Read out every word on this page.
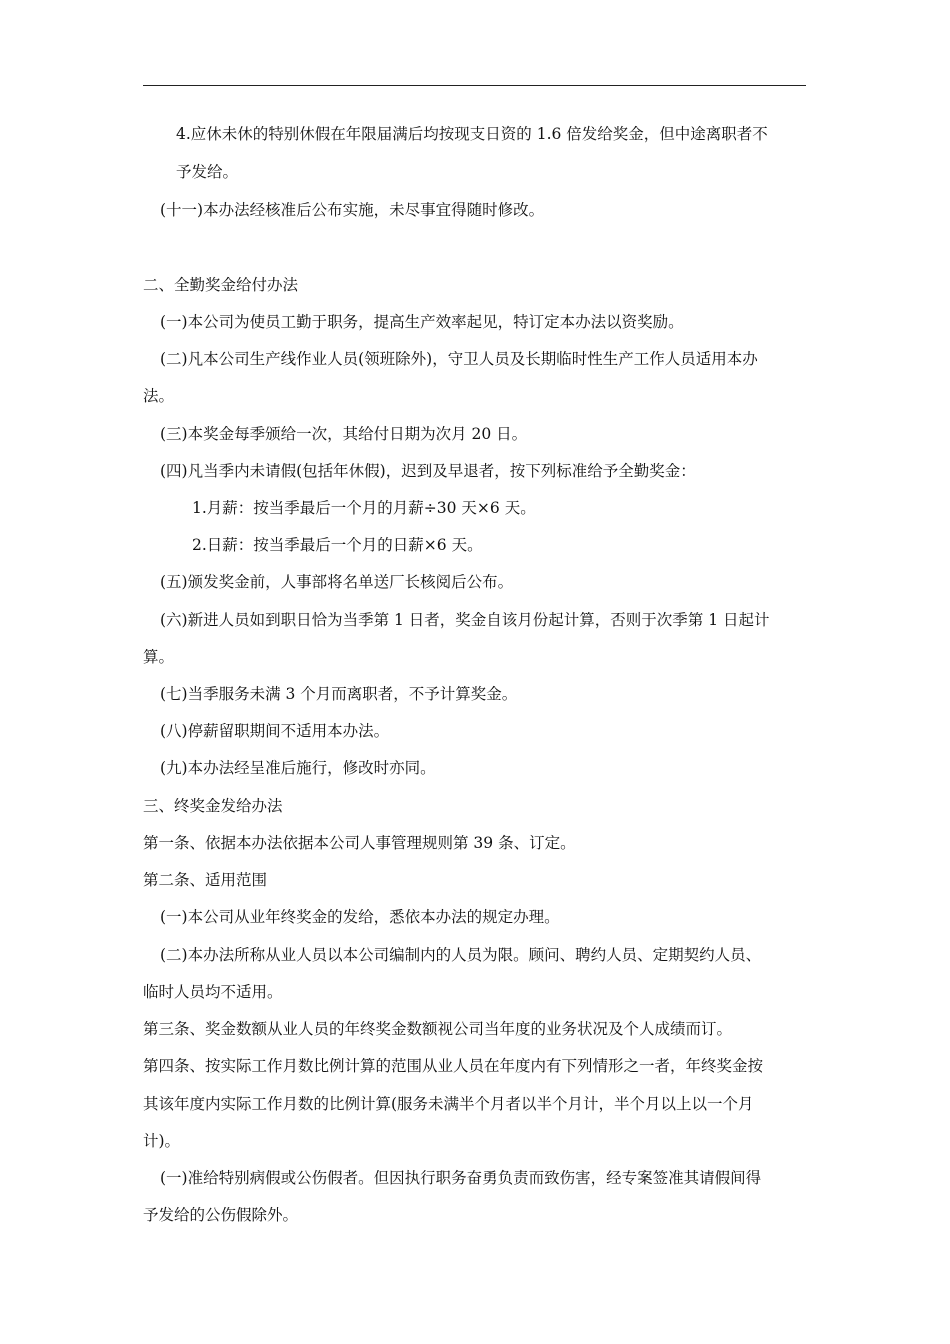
4.应休未休的特别休假在年限届满后均按现支日资的 1.6 倍发给奖金，但中途离职者不
予发给。
(十一)本办法经核准后公布实施，未尽事宜得随时修改。
二、全勤奖金给付办法
(一)本公司为使员工勤于职务，提高生产效率起见，特订定本办法以资奖励。
(二)凡本公司生产线作业人员(领班除外)，守卫人员及长期临时性生产工作人员适用本办
法。
(三)本奖金每季颁给一次，其给付日期为次月 20 日。
(四)凡当季内未请假(包括年休假)，迟到及早退者，按下列标准给予全勤奖金：
1.月薪：按当季最后一个月的月薪÷30 天×6 天。
2.日薪：按当季最后一个月的日薪×6 天。
(五)颁发奖金前，人事部将名单送厂长核阅后公布。
(六)新进人员如到职日恰为当季第 1 日者，奖金自该月份起计算，否则于次季第 1 日起计
算。
(七)当季服务未满 3 个月而离职者，不予计算奖金。
(八)停薪留职期间不适用本办法。
(九)本办法经呈准后施行，修改时亦同。
三、终奖金发给办法
第一条、依据本办法依据本公司人事管理规则第 39 条、订定。
第二条、适用范围
(一)本公司从业年终奖金的发给，悉依本办法的规定办理。
(二)本办法所称从业人员以本公司编制内的人员为限。顾问、聘约人员、定期契约人员、
临时人员均不适用。
第三条、奖金数额从业人员的年终奖金数额视公司当年度的业务状况及个人成绩而订。
第四条、按实际工作月数比例计算的范围从业人员在年度内有下列情形之一者，年终奖金按
其该年度内实际工作月数的比例计算(服务未满半个月者以半个月计，半个月以上以一个月
计)。
(一)准给特别病假或公伤假者。但因执行职务奋勇负责而致伤害，经专案签准其请假间得
予发给的公伤假除外。
